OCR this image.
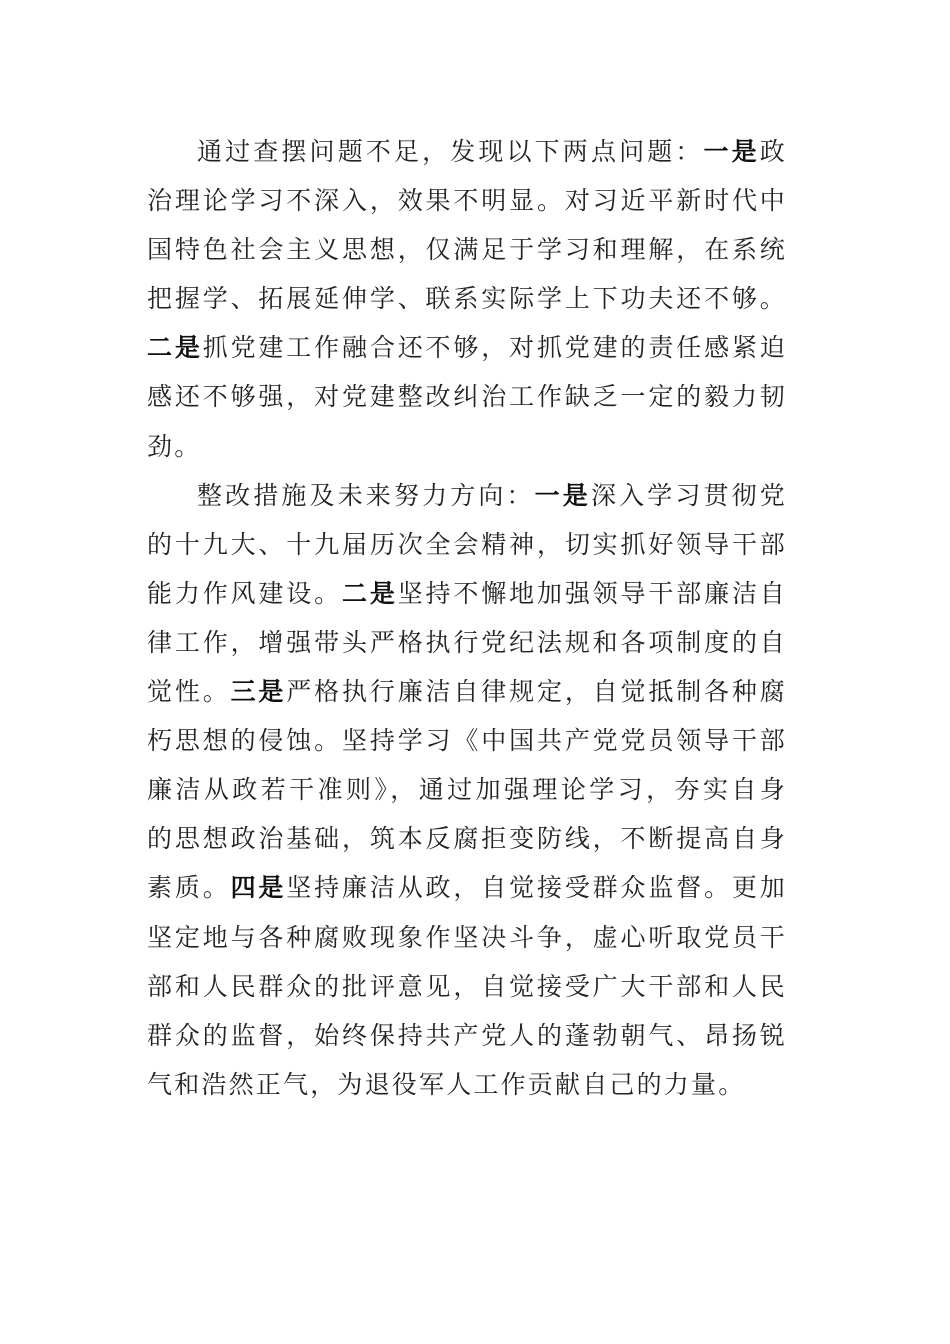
通过查摆问题不足，发现以下两点问题：一是政治理论学习不深入，效果不明显。对习近平新时代中国特色社会主义思想，仅满足于学习和理解，在系统把握学、拓展延伸学、联系实际学上下功夫还不够。二是抓党建工作融合还不够，对抓党建的责任感紧迫感还不够强，对党建整改纠治工作缺乏一定的毅力韧劲。

整改措施及未来努力方向：一是深入学习贯彻党的十九大、十九届历次全会精神，切实抓好领导干部能力作风建设。二是坚持不懈地加强领导干部廉洁自律工作，增强带头严格执行党纪法规和各项制度的自觉性。三是严格执行廉洁自律规定，自觉抵制各种腐朽思想的侵蚀。坚持学习《中国共产党党员领导干部廉洁从政若干准则》，通过加强理论学习，夯实自身的思想政治基础，筑本反腐拒变防线，不断提高自身素质。四是坚持廉洁从政，自觉接受群众监督。更加坚定地与各种腐败现象作坚决斗争，虚心听取党员干部和人民群众的批评意见，自觉接受广大干部和人民群众的监督，始终保持共产党人的蓬勃朝气、昂扬锐气和浩然正气，为退役军人工作贡献自己的力量。
